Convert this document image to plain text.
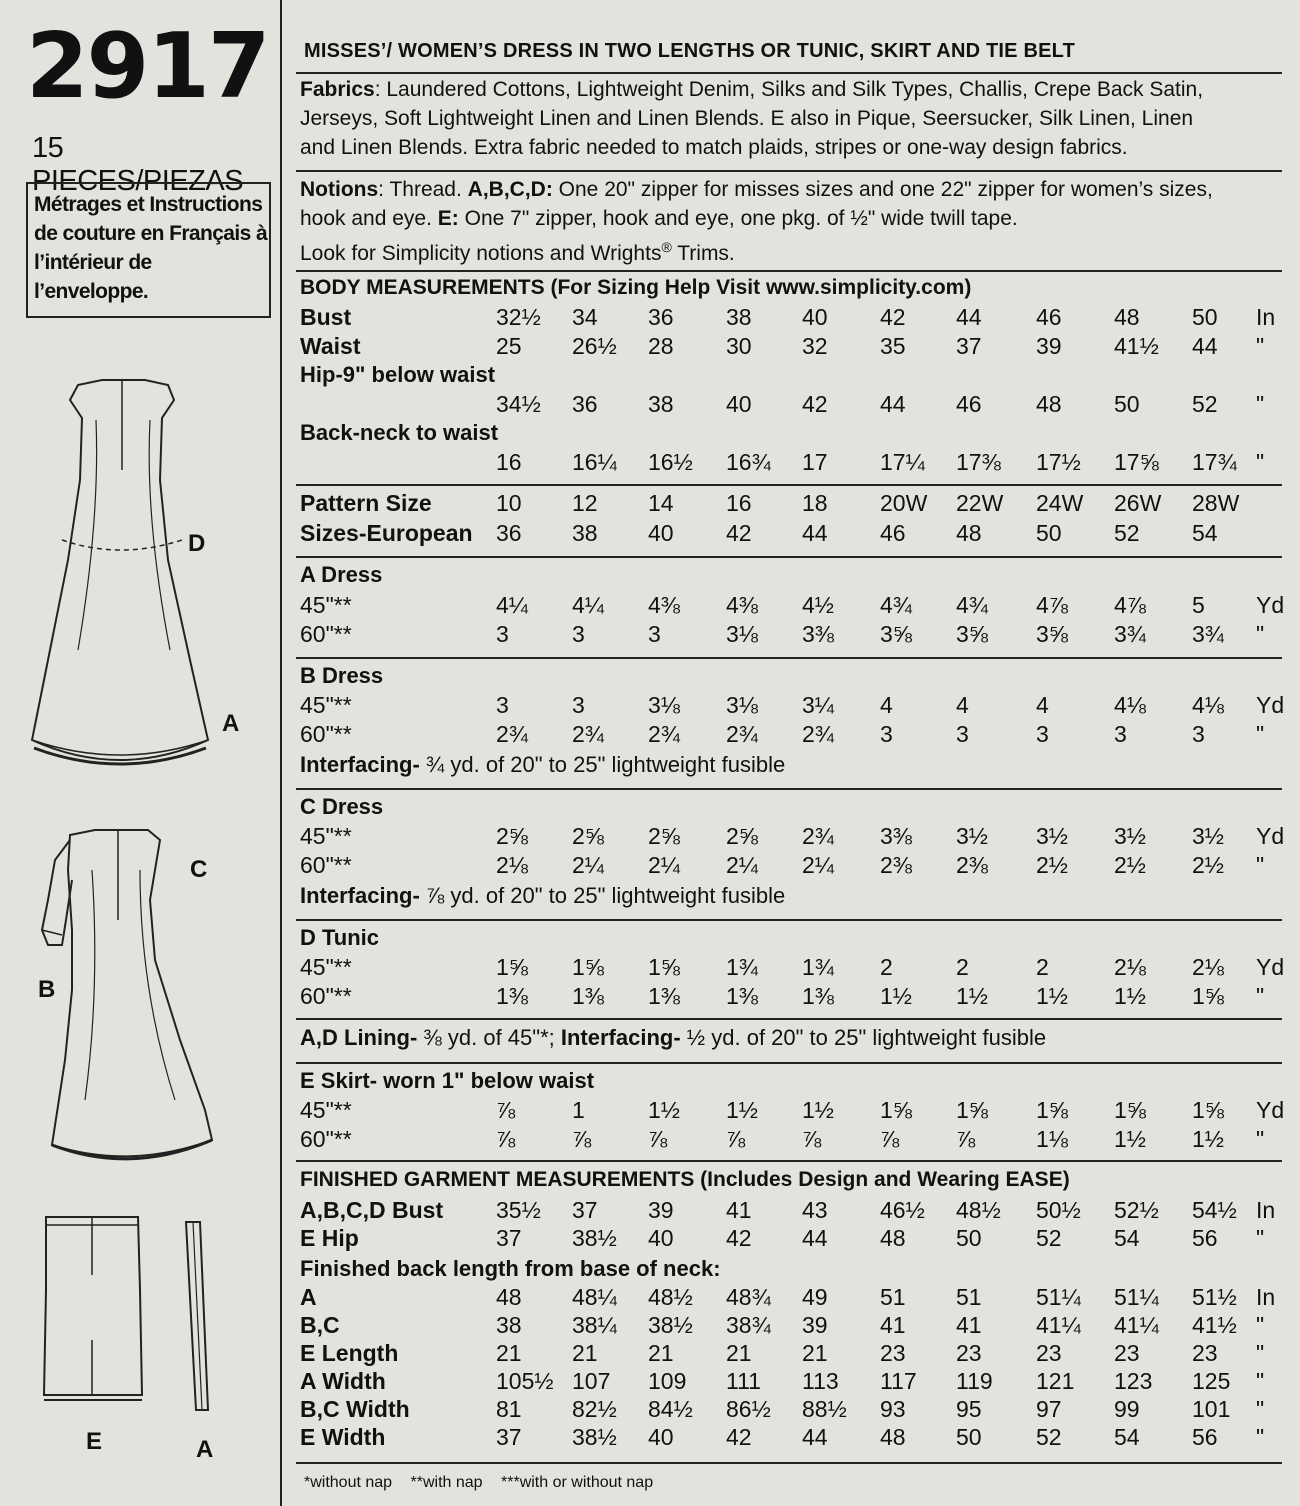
2917
15 PIECES/PIEZAS
Métrages et Instructions
de couture en Français à
l’intérieur de
l’enveloppe.
D
A
C
B
E	A
MISSES’/ WOMEN’S DRESS IN TWO LENGTHS OR TUNIC, SKIRT AND TIE BELT
Fabrics: Laundered Cottons, Lightweight Denim, Silks and Silk Types, Challis, Crepe Back Satin,
Jerseys, Soft Lightweight Linen and Linen Blends. E also in Pique, Seersucker, Silk Linen, Linen
and Linen Blends. Extra fabric needed to match plaids, stripes or one-way design fabrics.
Notions: Thread. A,B,C,D: One 20" zipper for misses sizes and one 22" zipper for women’s sizes,
hook and eye. E: One 7" zipper, hook and eye, one pkg. of ½" wide twill tape.
Look for Simplicity notions and Wrights® Trims.
BODY MEASUREMENTS (For Sizing Help Visit www.simplicity.com)
Bust	32½ 34 36 38 40 42 44 46 48 50 In
Waist	25 26½ 28 30 32 35 37 39 41½ 44 "
Hip-9" below waist
34½ 36 38 40 42 44 46 48 50 52 "
Back-neck to waist
16 16¼ 16½ 16¾ 17 17¼ 17⅜ 17½ 17⅝ 17¾ "
Pattern Size	10 12 14 16 18 20W 22W 24W 26W 28W
Sizes-European 36 38 40 42 44 46 48 50 52 54
A Dress
45"**	4¼ 4¼ 4⅜ 4⅜ 4½ 4¾ 4¾ 4⅞ 4⅞ 5 Yd
60"**	3	3	3	3⅛ 3⅜ 3⅝ 3⅝ 3⅝ 3¾ 3¾ "
B Dress
45"**	3	3	3⅛ 3⅛ 3¼ 4	4	4	4⅛ 4⅛ Yd
60"**	2¾ 2¾ 2¾ 2¾ 2¾ 3	3	3	3	3 "
Interfacing- ¾ yd. of 20" to 25" lightweight fusible
C Dress
45"**	2⅝ 2⅝ 2⅝ 2⅝ 2¾ 3⅜ 3½ 3½ 3½ 3½ Yd
60"**	2⅛ 2¼ 2¼ 2¼ 2¼ 2⅜ 2⅜ 2½ 2½ 2½ "
Interfacing- ⅞ yd. of 20" to 25" lightweight fusible
D Tunic
45"**	1⅝ 1⅝ 1⅝ 1¾ 1¾ 2	2	2	2⅛ 2⅛ Yd
60"**	1⅜ 1⅜ 1⅜ 1⅜ 1⅜ 1½ 1½ 1½ 1½ 1⅝ "
A,D Lining- ⅜ yd. of 45"*; Interfacing- ½ yd. of 20" to 25" lightweight fusible
E Skirt- worn 1" below waist
45"**	⅞ 1	1½ 1½ 1½ 1⅝ 1⅝ 1⅝ 1⅝ 1⅝ Yd
60"**	⅞ ⅞ ⅞	⅞ ⅞	⅞ ⅞	1⅛ 1½ 1½ "
FINISHED GARMENT MEASUREMENTS (Includes Design and Wearing EASE)
A,B,C,D Bust 35½ 37 39 41 43 46½ 48½ 50½ 52½ 54½ In
E Hip	37 38½ 40 42 44 48 50 52 54 56 "
Finished back length from base of neck:
A	48 48¼ 48½ 48¾ 49 51 51 51¼ 51¼ 51½ In
B,C	38 38¼ 38½ 38¾ 39 41 41 41¼ 41¼ 41½ "
E Length	21 21 21 21 21 23 23 23 23 23 "
A Width	105½ 107 109 111 113 117 119 121 123 125 "
B,C Width	81 82½ 84½ 86½ 88½ 93 95 97 99 101 "
E Width	37 38½ 40 42 44 48 50 52 54 56 "
*without nap **with nap ***with or without nap
